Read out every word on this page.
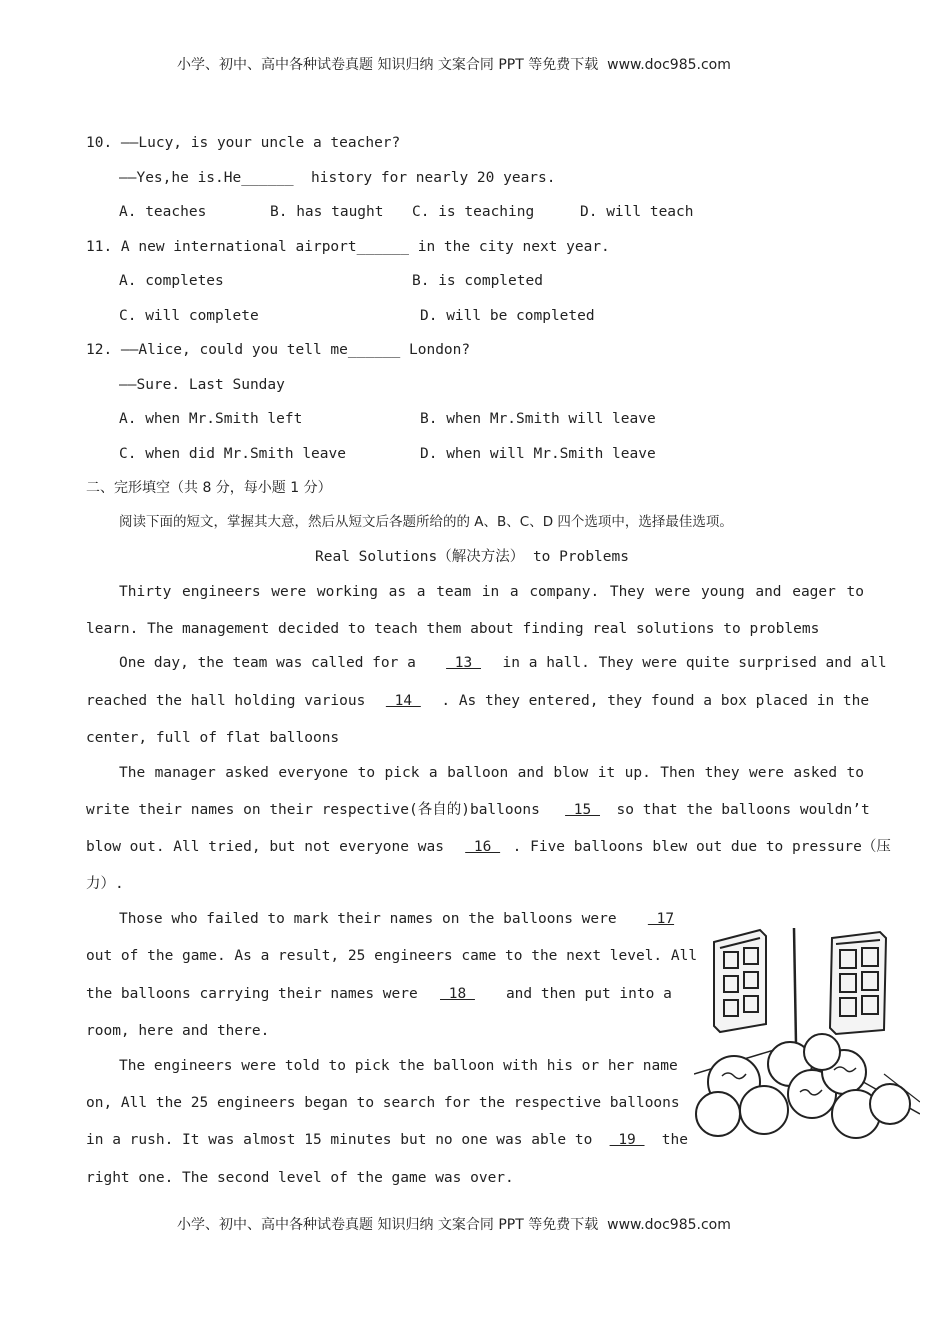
小学、初中、高中各种试卷真题 知识归纳 文案合同 PPT 等免费下载  www.doc985.com
10. ——Lucy, is your uncle a teacher?
——Yes,he is.He______  history for nearly 20 years.
A. teaches	B. has taught C. is teaching	D. will teach
11. A new international airport______ in the city next year.
A. completes	B. is completed
C. will complete	D. will be completed
12. ——Alice, could you tell me______ London?
——Sure. Last Sunday
A. when Mr.Smith left	B. when Mr.Smith will leave
C. when did Mr.Smith leave	D. when will Mr.Smith leave
二、完形填空（共 8 分，每小题 1 分）
阅读下面的短文，掌握其大意，然后从短文后各题所给的的 A、B、C、D 四个选项中，选择最佳选项。
Real Solutions（解决方法） to Problems
Thirty engineers were working as a team in a company. They were young and eager to
learn. The management decided to teach them about finding real solutions to problems
One day, the team was called for a  13 in a hall. They were quite surprised and all
reached the hall holding various 14 . As they entered, they found a box placed in the
center, full of flat balloons
The manager asked everyone to pick a balloon and blow it up. Then they were asked to
write their names on their respective(各自的)balloons  15 so that the balloons wouldn’t
blow out. All tried, but not everyone was  16 . Five balloons blew out due to pressure（压
力）.
Those who failed to mark their names on the balloons were   17
out of the game. As a result, 25 engineers came to the next level. All
the balloons carrying their names were  18   and then put into a
room, here and there.
The engineers were told to pick the balloon with his or her name
on, All the 25 engineers began to search for the respective balloons
in a rush. It was almost 15 minutes but no one was able to  19  the
right one. The second level of the game was over.
小学、初中、高中各种试卷真题 知识归纳 文案合同 PPT 等免费下载  www.doc985.com
